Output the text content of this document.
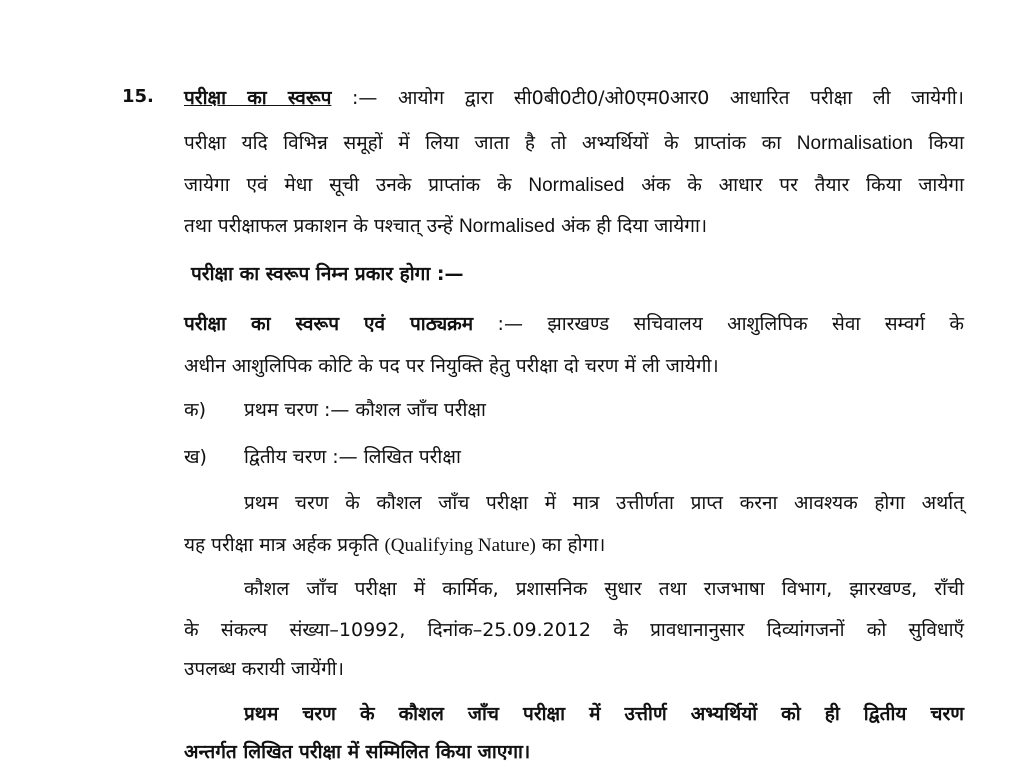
15. परीक्षा का स्वरूप :— आयोग द्वारा सी0बी0टी0/ओ0एम0आर0 आधारित परीक्षा ली जायेगी।
परीक्षा यदि विभिन्न समूहों में लिया जाता है तो अभ्यर्थियों के प्राप्तांक का Normalisation किया
जायेगा एवं मेधा सूची उनके प्राप्तांक के Normalised अंक के आधार पर तैयार किया जायेगा
तथा परीक्षाफल प्रकाशन के पश्चात् उन्हें Normalised अंक ही दिया जायेगा।
परीक्षा का स्वरूप निम्न प्रकार होगा :—
परीक्षा का स्वरूप एवं पाठ्यक्रम :— झारखण्ड सचिवालय आशुलिपिक सेवा सम्वर्ग के
अधीन आशुलिपिक कोटि के पद पर नियुक्ति हेतु परीक्षा दो चरण में ली जायेगी।
क) प्रथम चरण :— कौशल जाँच परीक्षा
ख) द्वितीय चरण :— लिखित परीक्षा
प्रथम चरण के कौशल जाँच परीक्षा में मात्र उत्तीर्णता प्राप्त करना आवश्यक होगा अर्थात्
यह परीक्षा मात्र अर्हक प्रकृति (Qualifying Nature) का होगा।
कौशल जाँच परीक्षा में कार्मिक, प्रशासनिक सुधार तथा राजभाषा विभाग, झारखण्ड, राँची
के संकल्प संख्या–10992, दिनांक–25.09.2012 के प्रावधानानुसार दिव्यांगजनों को सुविधाएँ
उपलब्ध करायी जायेंगी।
प्रथम चरण के कौशल जाँच परीक्षा में उत्तीर्ण अभ्यर्थियों को ही द्वितीय चरण
अन्तर्गत लिखित परीक्षा में सम्मिलित किया जाएगा।
